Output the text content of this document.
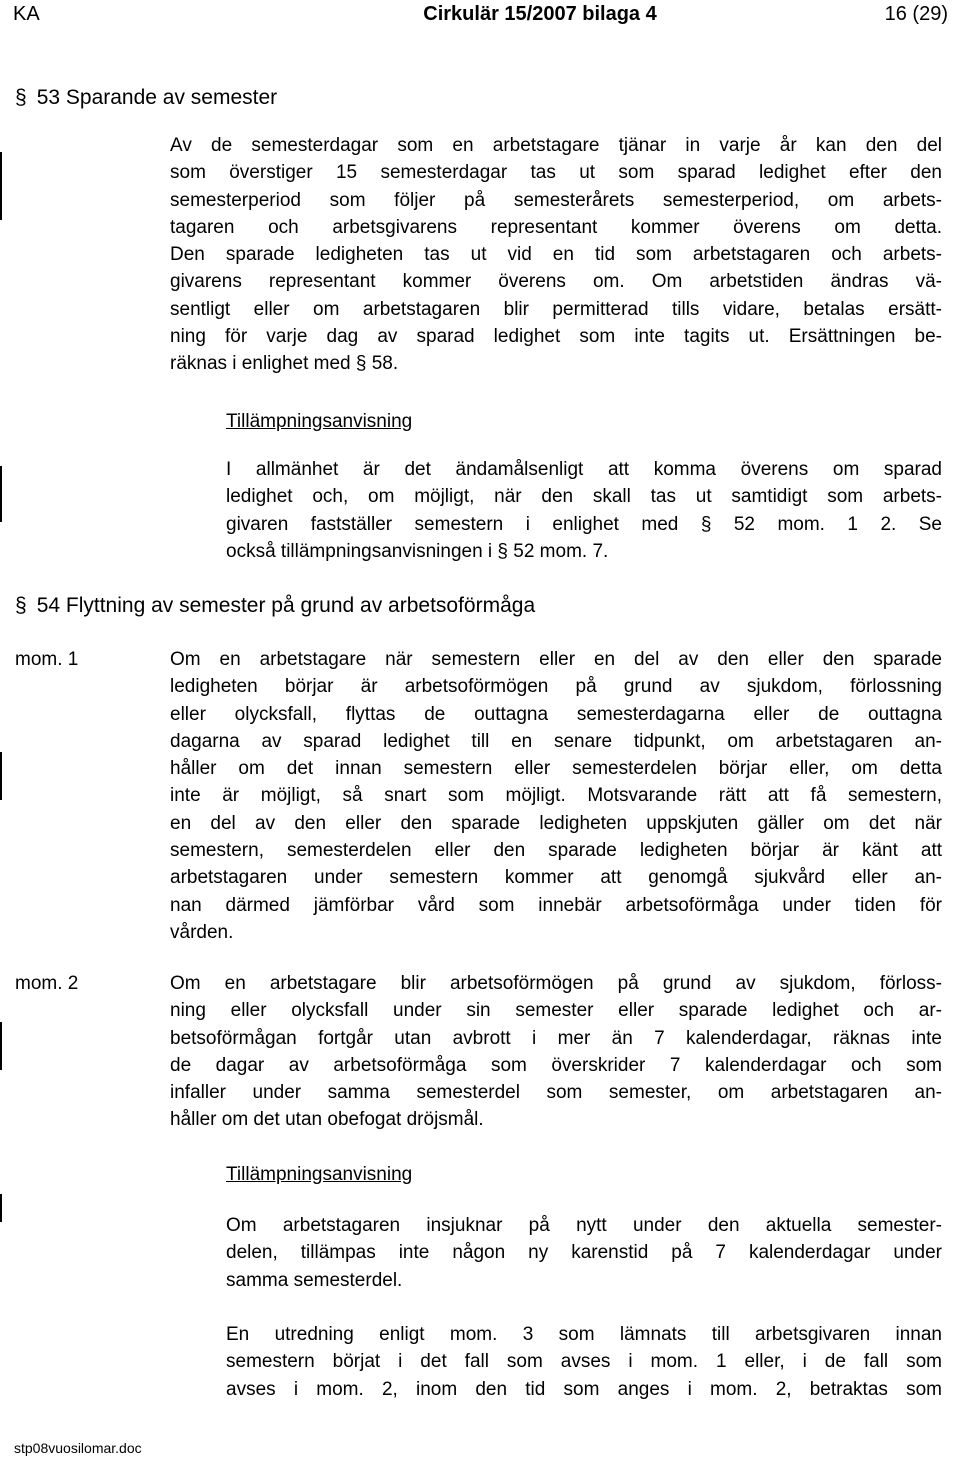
KA	Cirkulär 15/2007 bilaga 4	16 (29)
§ 53 Sparande av semester
Av de semesterdagar som en arbetstagare tjänar in varje år kan den del
som överstiger 15 semesterdagar tas ut som sparad ledighet efter den
semesterperiod som följer på semesterårets semesterperiod, om arbets-
tagaren och arbetsgivarens representant kommer överens om detta.
Den sparade ledigheten tas ut vid en tid som arbetstagaren och arbets-
givarens representant kommer överens om. Om arbetstiden ändras vä-
sentligt eller om arbetstagaren blir permitterad tills vidare, betalas ersätt-
ning för varje dag av sparad ledighet som inte tagits ut. Ersättningen be-
räknas i enlighet med § 58.
Tillämpningsanvisning
I allmänhet är det ändamålsenligt att komma överens om sparad
ledighet och, om möjligt, när den skall tas ut samtidigt som arbets-
givaren fastställer semestern i enlighet med § 52 mom. 1 2. Se
också tillämpningsanvisningen i § 52 mom. 7.
§ 54 Flyttning av semester på grund av arbetsoförmåga
mom. 1	Om en arbetstagare när semestern eller en del av den eller den sparade
ledigheten börjar är arbetsoförmögen på grund av sjukdom, förlossning
eller olycksfall, flyttas de outtagna semesterdagarna eller de outtagna
dagarna av sparad ledighet till en senare tidpunkt, om arbetstagaren an-
håller om det innan semestern eller semesterdelen börjar eller, om detta
inte är möjligt, så snart som möjligt. Motsvarande rätt att få semestern,
en del av den eller den sparade ledigheten uppskjuten gäller om det när
semestern, semesterdelen eller den sparade ledigheten börjar är känt att
arbetstagaren under semestern kommer att genomgå sjukvård eller an-
nan därmed jämförbar vård som innebär arbetsoförmåga under tiden för
vården.
mom. 2	Om en arbetstagare blir arbetsoförmögen på grund av sjukdom, förloss-
ning eller olycksfall under sin semester eller sparade ledighet och ar-
betsoförmågan fortgår utan avbrott i mer än 7 kalenderdagar, räknas inte
de dagar av arbetsoförmåga som överskrider 7 kalenderdagar och som
infaller under samma semesterdel som semester, om arbetstagaren an-
håller om det utan obefogat dröjsmål.
Tillämpningsanvisning
Om arbetstagaren insjuknar på nytt under den aktuella semester-
delen, tillämpas inte någon ny karenstid på 7 kalenderdagar under
samma semesterdel.
En utredning enligt mom. 3 som lämnats till arbetsgivaren innan
semestern börjat i det fall som avses i mom. 1 eller, i de fall som
avses i mom. 2, inom den tid som anges i mom. 2, betraktas som
stp08vuosilomar.doc
